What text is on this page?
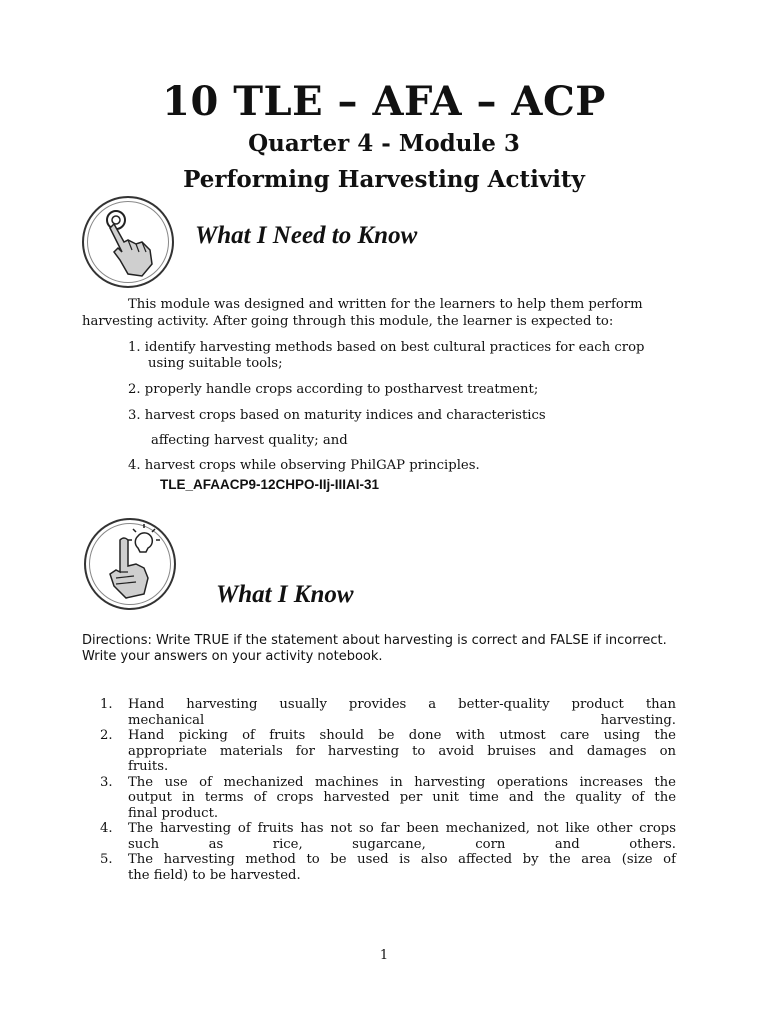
10 TLE – AFA – ACP
Quarter 4 - Module 3
Performing Harvesting Activity
What I Need to Know
This module was designed and written for the learners to help them perform harvesting activity. After going through this module, the learner is expected to:
1. identify harvesting methods based on best cultural practices for each crop
using suitable tools;
2. properly handle crops according to postharvest treatment;
3. harvest crops based on maturity indices and characteristics
affecting harvest quality; and
4. harvest crops while observing PhilGAP principles.
TLE_AFAACP9-12CHPO-IIj-IIIAI-31
What I Know
Directions: Write TRUE if the statement about harvesting is correct and FALSE if incorrect. Write your answers on your activity notebook.
1.	Hand harvesting usually provides a better-quality product than
mechanical harvesting.
2.	Hand picking of fruits should be done with utmost care using the
appropriate materials for harvesting to avoid bruises and damages on
fruits.
3.	The use of mechanized machines in harvesting operations increases the
output in terms of crops harvested per unit time and the quality of the
final product.
4.	The harvesting of fruits has not so far been mechanized, not like other crops
such as rice, sugarcane, corn and others.
5.	The harvesting method to be used is also affected by the area (size of
the field) to be harvested.
1
